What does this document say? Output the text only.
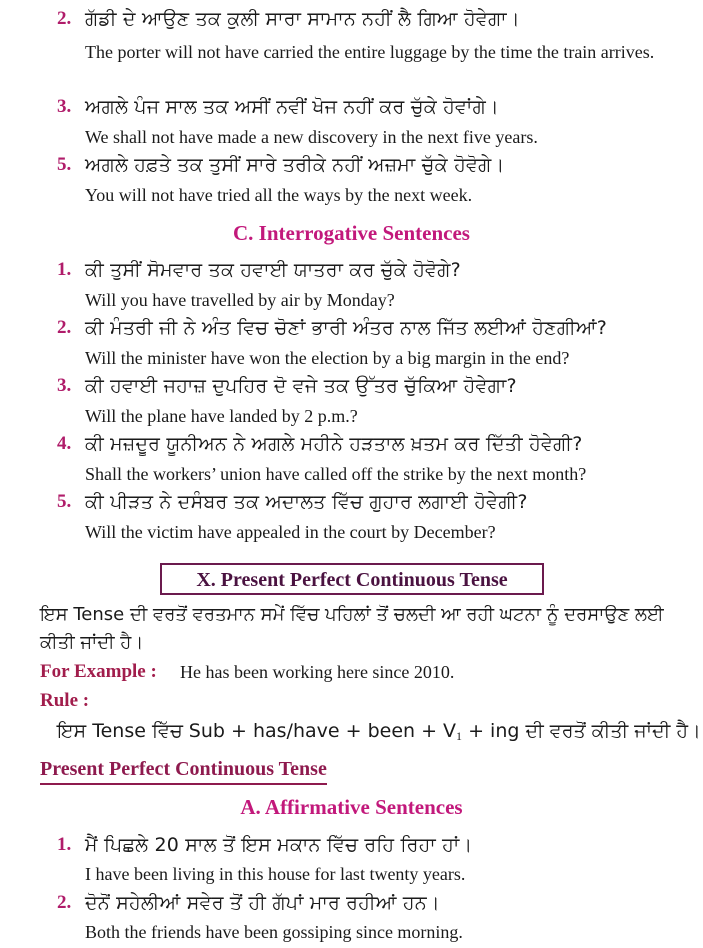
2. ਗੱਡੀ ਦੇ ਆਉਣ ਤਕ ਕੁਲੀ ਸਾਰਾ ਸਾਮਾਨ ਨਹੀਂ ਲੈ ਗਿਆ ਹੋਵੇਗਾ।
The porter will not have carried the entire luggage by the time the train arrives.
3. ਅਗਲੇ ਪੰਜ ਸਾਲ ਤਕ ਅਸੀਂ ਨਵੀਂ ਖੋਜ ਨਹੀਂ ਕਰ ਚੁੱਕੇ ਹੋਵਾਂਗੇ।
We shall not have made a new discovery in the next five years.
5. ਅਗਲੇ ਹਫ਼ਤੇ ਤਕ ਤੁਸੀਂ ਸਾਰੇ ਤਰੀਕੇ ਨਹੀਂ ਅਜ਼ਮਾ ਚੁੱਕੇ ਹੋਵੋਗੇ।
You will not have tried all the ways by the next week.
C. Interrogative Sentences
1. ਕੀ ਤੁਸੀਂ ਸੋਮਵਾਰ ਤਕ ਹਵਾਈ ਯਾਤਰਾ ਕਰ ਚੁੱਕੇ ਹੋਵੋਗੇ?
Will you have travelled by air by Monday?
2. ਕੀ ਮੰਤਰੀ ਜੀ ਨੇ ਅੰਤ ਵਿਚ ਚੋਣਾਂ ਭਾਰੀ ਅੰਤਰ ਨਾਲ ਜਿੱਤ ਲਈਆਂ ਹੋਣਗੀਆਂ?
Will the minister have won the election by a big margin in the end?
3. ਕੀ ਹਵਾਈ ਜਹਾਜ਼ ਦੁਪਹਿਰ ਦੋ ਵਜੇ ਤਕ ਉੱਤਰ ਚੁੱਕਿਆ ਹੋਵੇਗਾ?
Will the plane have landed by 2 p.m.?
4. ਕੀ ਮਜ਼ਦੂਰ ਯੂਨੀਅਨ ਨੇ ਅਗਲੇ ਮਹੀਨੇ ਹੜਤਾਲ ਖ਼ਤਮ ਕਰ ਦਿੱਤੀ ਹੋਵੇਗੀ?
Shall the workers’ union have called off the strike by the next month?
5. ਕੀ ਪੀੜਤ ਨੇ ਦਸੰਬਰ ਤਕ ਅਦਾਲਤ ਵਿੱਚ ਗੁਹਾਰ ਲਗਾਈ ਹੋਵੇਗੀ?
Will the victim have appealed in the court by December?
X. Present Perfect Continuous Tense
ਇਸ Tense ਦੀ ਵਰਤੋਂ ਵਰਤਮਾਨ ਸਮੇਂ ਵਿੱਚ ਪਹਿਲਾਂ ਤੋਂ ਚਲਦੀ ਆ ਰਹੀ ਘਟਨਾ ਨੂੰ ਦਰਸਾਉਣ ਲਈ ਕੀਤੀ ਜਾਂਦੀ ਹੈ।
For Example : He has been working here since 2010.
Rule :
ਇਸ Tense ਵਿੱਚ Sub + has/have + been + $V_1$ + ing ਦੀ ਵਰਤੋਂ ਕੀਤੀ ਜਾਂਦੀ ਹੈ।
Present Perfect Continuous Tense
A. Affirmative Sentences
1. ਮੈਂ ਪਿਛਲੇ 20 ਸਾਲ ਤੋਂ ਇਸ ਮਕਾਨ ਵਿੱਚ ਰਹਿ ਰਿਹਾ ਹਾਂ।
I have been living in this house for last twenty years.
2. ਦੋਨੋਂ ਸਹੇਲੀਆਂ ਸਵੇਰ ਤੋਂ ਹੀ ਗੱਪਾਂ ਮਾਰ ਰਹੀਆਂ ਹਨ।
Both the friends have been gossiping since morning.
